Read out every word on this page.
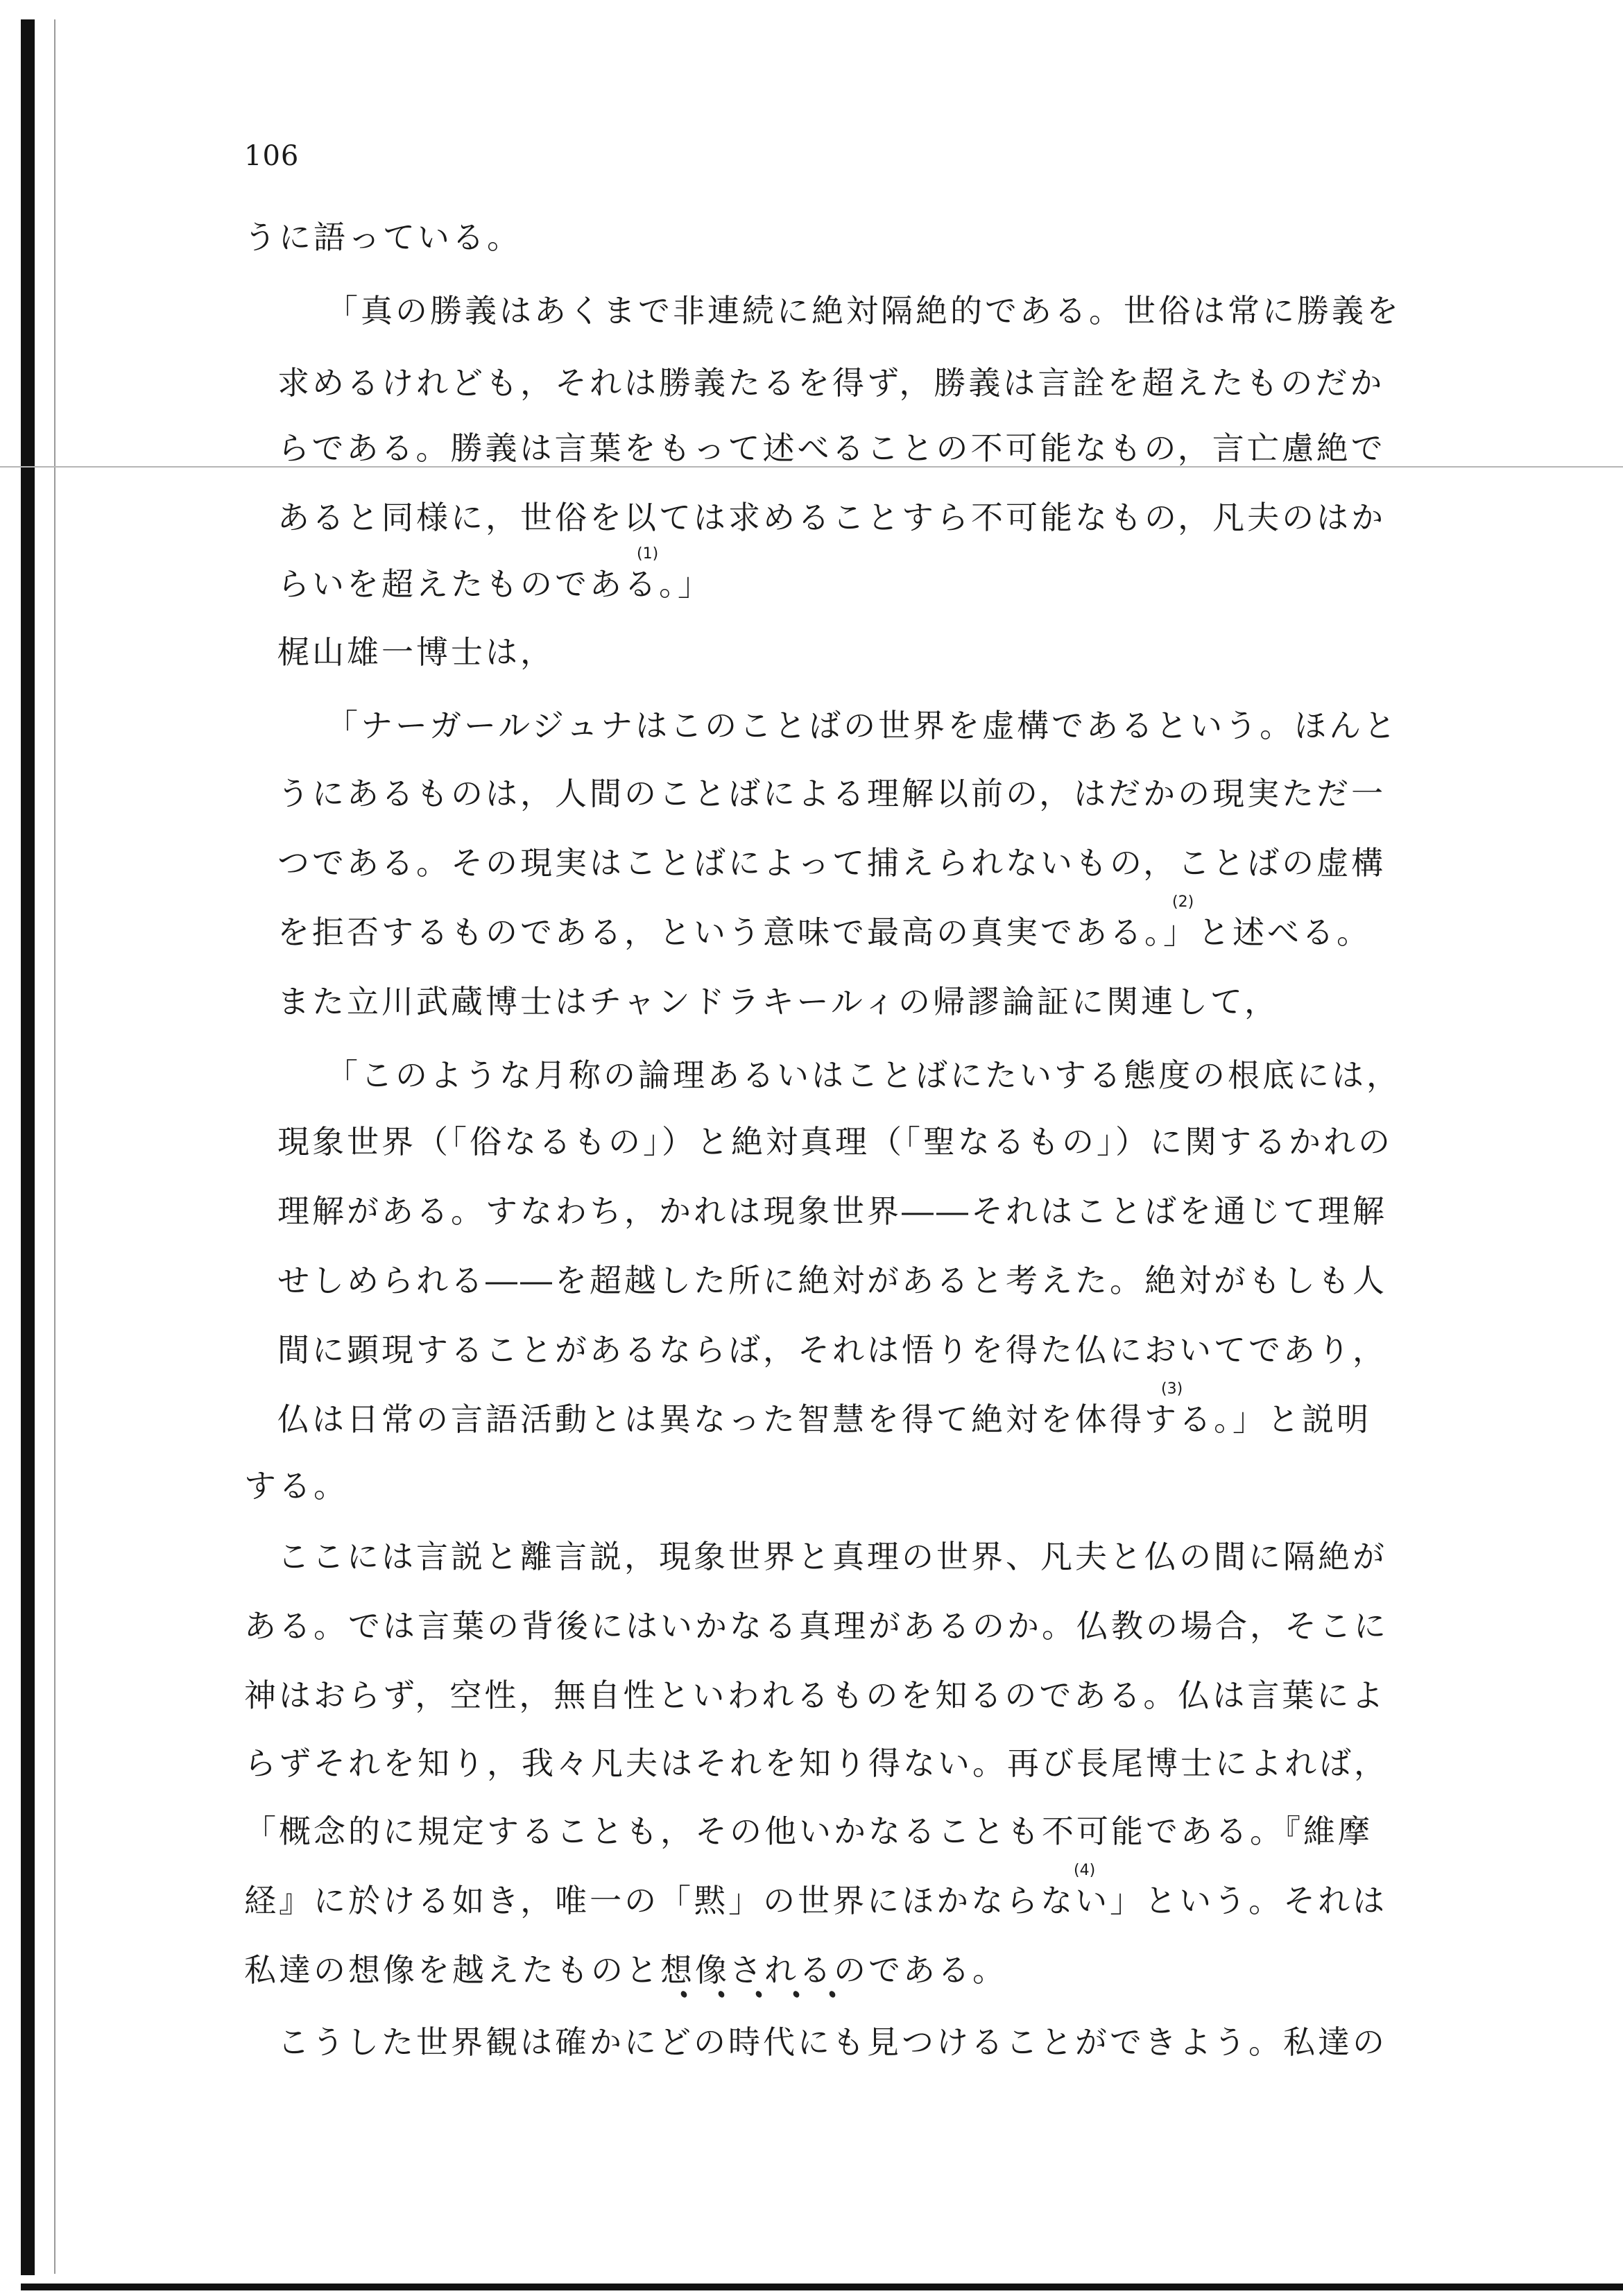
106
うに語っている。
「真の勝義はあくまで非連続に絶対隔絶的である。世俗は常に勝義を
求めるけれども，それは勝義たるを得ず，勝義は言詮を超えたものだか
らである。勝義は言葉をもって述べることの不可能なもの，言亡慮絶で
あると同様に，世俗を以ては求めることすら不可能なもの，凡夫のはか
らいを超えたものである。」
梶山雄一博士は，
「ナーガールジュナはこのことばの世界を虚構であるという。ほんと
うにあるものは，人間のことばによる理解以前の，はだかの現実ただ一
つである。その現実はことばによって捕えられないもの，ことばの虚構
を拒否するものである，という意味で最高の真実である。」と述べる。
また立川武蔵博士はチャンドラキールィの帰謬論証に関連して，
「このような月称の論理あるいはことばにたいする態度の根底には，
現象世界（「俗なるもの」）と絶対真理（「聖なるもの」）に関するかれの
理解がある。すなわち，かれは現象世界――それはことばを通じて理解
せしめられる――を超越した所に絶対があると考えた。絶対がもしも人
間に顕現することがあるならば，それは悟りを得た仏においてであり，
仏は日常の言語活動とは異なった智慧を得て絶対を体得する。」と説明
する。
ここには言説と離言説，現象世界と真理の世界、凡夫と仏の間に隔絶が
ある。では言葉の背後にはいかなる真理があるのか。仏教の場合，そこに
神はおらず，空性，無自性といわれるものを知るのである。仏は言葉によ
らずそれを知り，我々凡夫はそれを知り得ない。再び長尾博士によれば，
「概念的に規定することも，その他いかなることも不可能である。『維摩
経』に於ける如き，唯一の「黙」の世界にほかならない」という。それは
私達の想像を越えたものと想像されるのである。
こうした世界観は確かにどの時代にも見つけることができよう。私達の
(1)
(2)
(3)
(4)
